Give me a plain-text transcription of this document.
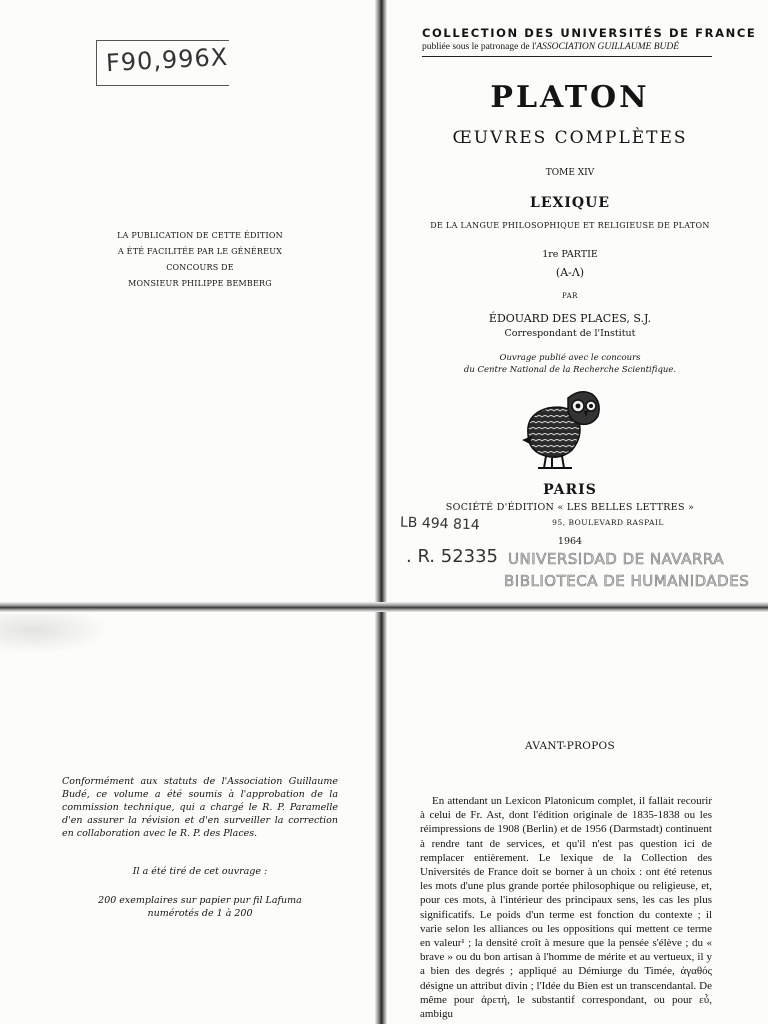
F90,996X
LA PUBLICATION DE CETTE ÉDITION
A ÉTÉ FACILITÉE PAR LE GÉNÉREUX
CONCOURS DE
MONSIEUR PHILIPPE BEMBERG
COLLECTION DES UNIVERSITÉS DE FRANCE
publiée sous le patronage de l'ASSOCIATION GUILLAUME BUDÉ
PLATON
ŒUVRES COMPLÈTES
TOME XIV
LEXIQUE
DE LA LANGUE PHILOSOPHIQUE ET RELIGIEUSE DE PLATON
1re PARTIE
(Α-Λ)
PAR
ÉDOUARD DES PLACES, S.J.
Correspondant de l'Institut
Ouvrage publié avec le concours
du Centre National de la Recherche Scientifique.
PARIS
SOCIÉTÉ D'ÉDITION « LES BELLES LETTRES »
95, BOULEVARD RASPAIL
1964
LB 494 814
. R. 52335 UNIVERSIDAD DE NAVARRA
BIBLIOTECA DE HUMANIDADES
Conformément aux statuts de l'Association Guillaume Budé, ce volume a été soumis à l'approbation de la commission technique, qui a chargé le R. P. Paramelle d'en assurer la révision et d'en surveiller la correction en collaboration avec le R. P. des Places.
Il a été tiré de cet ouvrage :
200 exemplaires sur papier pur fil Lafuma
numérotés de 1 à 200
AVANT-PROPOS

En attendant un Lexicon Platonicum complet, il fallait recourir à celui de Fr. Ast, dont l'édition originale de 1835-1838 ou les réimpressions de 1908 (Berlin) et de 1956 (Darmstadt) continuent à rendre tant de services, et qu'il n'est pas question ici de remplacer entièrement. Le lexique de la Collection des Universités de France doit se borner à un choix : ont été retenus les mots d'une plus grande portée philosophique ou religieuse, et, pour ces mots, à l'intérieur des principaux sens, les cas les plus significatifs. Le poids d'un terme est fonction du contexte ; il varie selon les alliances ou les oppositions qui mettent ce terme en valeur¹ ; la densité croît à mesure que la pensée s'élève ; du « brave » ou du bon artisan à l'homme de mérite et au vertueux, il y a bien des degrés ; appliqué au Démiurge du Timée, ἀγαθός désigne un attribut divin ; l'Idée du Bien est un transcendantal. De même pour ἀρετή, le substantif correspondant, ou pour εὖ, ambigu
